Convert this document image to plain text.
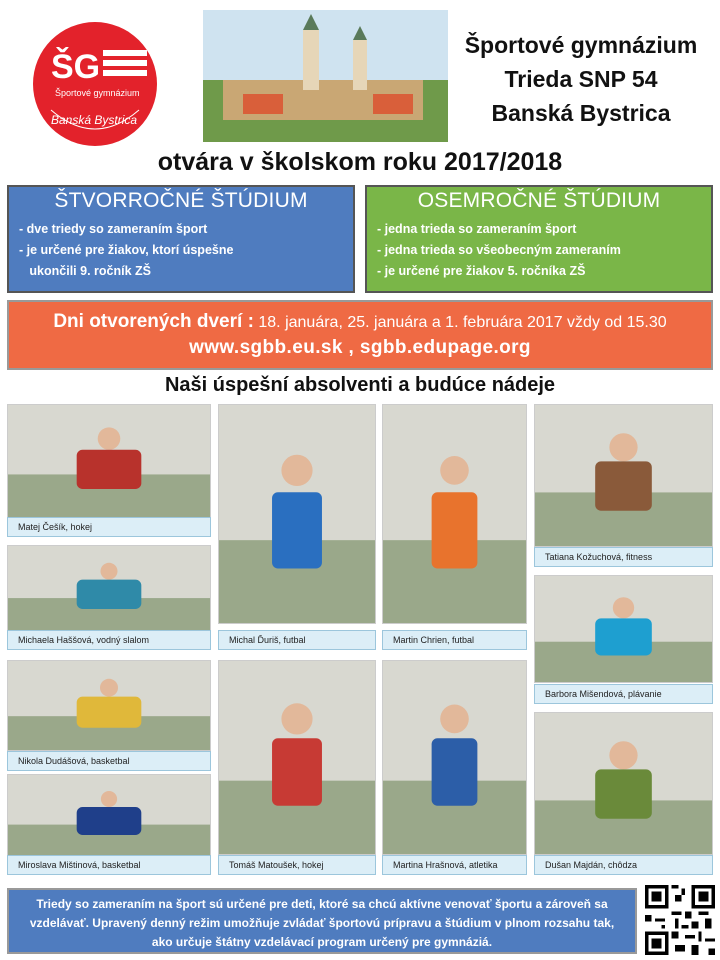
ŠG
Športové gymnázium
Banská Bystrica
Športové gymnázium
Trieda SNP 54
Banská Bystrica
otvára v školskom roku 2017/2018
ŠTVORROČNÉ ŠTÚDIUM
- dve triedy so zameraním šport
- je určené pre žiakov, ktorí úspešne
ukončili 9. ročník ZŠ
OSEMROČNÉ ŠTÚDIUM
- jedna trieda so zameraním šport
- jedna trieda so všeobecným zameraním
- je určené pre žiakov 5. ročníka ZŠ
Dni otvorených dverí : 18. januára, 25. januára a 1. februára 2017 vždy od 15.30
www.sgbb.eu.sk , sgbb.edupage.org
Naši úspešní absolventi a budúce nádeje
Matej Češík, hokej
Michaela Haššová, vodný slalom
Nikola Dudášová, basketbal
Miroslava Mištinová, basketbal
Michal Ďuriš, futbal
Tomáš Matoušek, hokej
Martin Chrien, futbal
Martina Hrašnová, atletika
Tatiana Kožuchová, fitness
Barbora Mišendová, plávanie
Dušan Majdán, chôdza
Triedy so zameraním na šport sú určené pre deti, ktoré sa chcú aktívne venovať športu a zároveň sa vzdelávať. Upravený denný režim umožňuje zvládať športovú prípravu a štúdium v plnom rozsahu tak, ako určuje štátny vzdelávací program určený pre gymnáziá.
